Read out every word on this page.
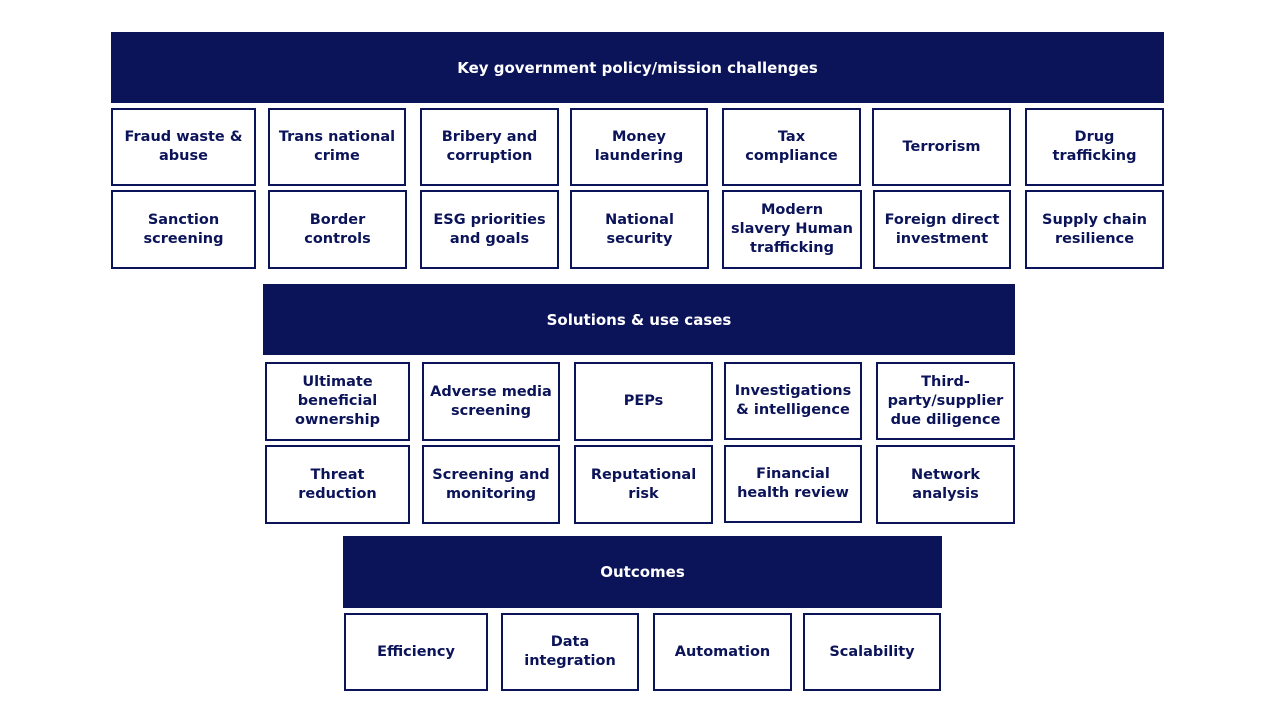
Key government policy/mission challenges
Fraud waste & abuse
Trans national crime
Bribery and corruption
Money laundering
Tax compliance
Terrorism
Drug trafficking
Sanction screening
Border controls
ESG priorities and goals
National security
Modern slavery Human trafficking
Foreign direct investment
Supply chain resilience
Solutions & use cases
Ultimate beneficial ownership
Adverse media screening
PEPs
Investigations & intelligence
Third-party/supplier due diligence
Threat reduction
Screening and monitoring
Reputational risk
Financial health review
Network analysis
Outcomes
Efficiency
Data integration
Automation	Scalability
